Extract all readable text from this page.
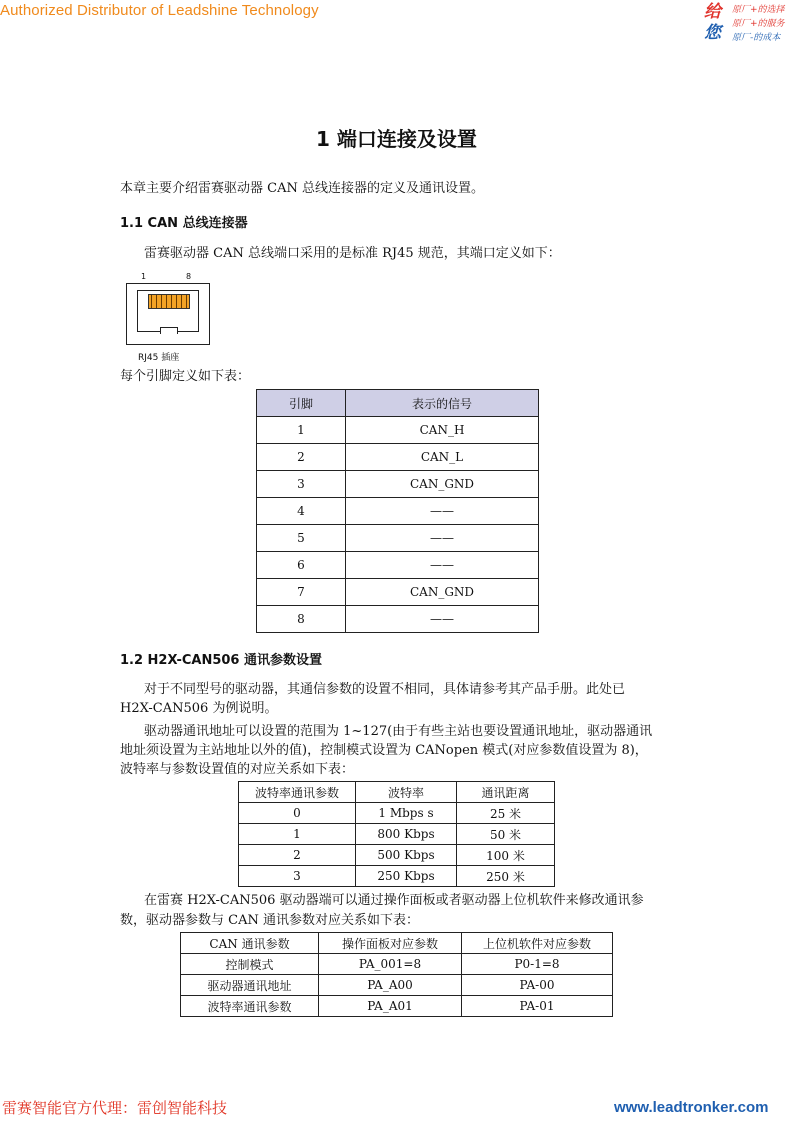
Authorized Distributor of Leadshine Technology	给
您
原厂+的选择
原厂+的服务
原厂-的成本
1 端口连接及设置
本章主要介绍雷赛驱动器 CAN 总线连接器的定义及通讯设置。
1.1 CAN 总线连接器
雷赛驱动器 CAN 总线端口采用的是标准 RJ45 规范，其端口定义如下：
1	8
RJ45 插座
每个引脚定义如下表：
引脚	表示的信号
1	CAN_H
2	CAN_L
3	CAN_GND
4	——
5	——
6	——
7	CAN_GND
8	——
1.2 H2X-CAN506 通讯参数设置
对于不同型号的驱动器，其通信参数的设置不相同，具体请参考其产品手册。此处已
H2X-CAN506 为例说明。
驱动器通讯地址可以设置的范围为 1~127(由于有些主站也要设置通讯地址，驱动器通讯
地址须设置为主站地址以外的值)，控制模式设置为 CANopen 模式(对应参数值设置为 8)，
波特率与参数设置值的对应关系如下表：
波特率通讯参数	波特率	通讯距离
0	1 Mbps s	25 米
1	800 Kbps	50 米
2	500 Kbps	100 米
3	250 Kbps	250 米
在雷赛 H2X-CAN506 驱动器端可以通过操作面板或者驱动器上位机软件来修改通讯参
数，驱动器参数与 CAN 通讯参数对应关系如下表：
CAN 通讯参数	操作面板对应参数	上位机软件对应参数
控制模式	PA_001=8	P0-1=8
驱动器通讯地址	PA_A00	PA-00
波特率通讯参数	PA_A01	PA-01
雷赛智能官方代理：雷创智能科技	www.leadtronker.com
